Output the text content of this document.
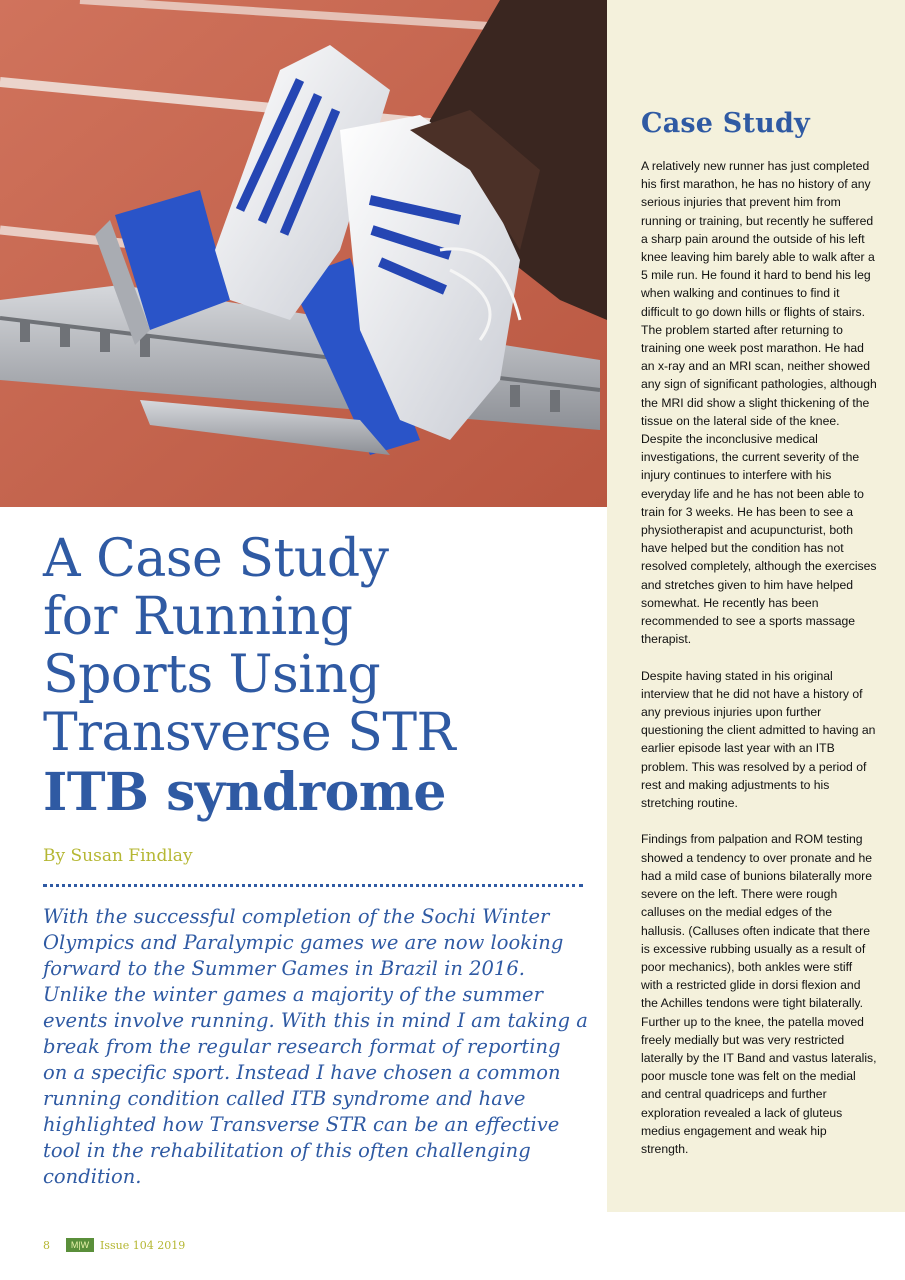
Case Study

A relatively new runner has just completed his first marathon, he has no history of any serious injuries that prevent him from running or training, but recently he suffered a sharp pain around the outside of his left knee leaving him barely able to walk after a 5 mile run. He found it hard to bend his leg when walking and continues to find it difficult to go down hills or flights of stairs. The problem started after returning to training one week post marathon. He had an x-ray and an MRI scan, neither showed any sign of significant pathologies, although the MRI did show a slight thickening of the tissue on the lateral side of the knee. Despite the inconclusive medical investigations, the current severity of the injury continues to interfere with his everyday life and he has not been able to train for 3 weeks. He has been to see a physiotherapist and acupuncturist, both have helped but the condition has not resolved completely, although the exercises and stretches given to him have helped somewhat. He recently has been recommended to see a sports massage therapist.

Despite having stated in his original interview that he did not have a history of any previous injuries upon further questioning the client admitted to having an earlier episode last year with an ITB problem. This was resolved by a period of rest and making adjustments to his stretching routine.

Findings from palpation and ROM testing showed a tendency to over pronate and he had a mild case of bunions bilaterally more severe on the left. There were rough calluses on the medial edges of the hallusis. (Calluses often indicate that there is excessive rubbing usually as a result of poor mechanics), both ankles were stiff with a restricted glide in dorsi flexion and the Achilles tendons were tight bilaterally. Further up to the knee, the patella moved freely medially but was very restricted laterally by the IT Band and vastus lateralis, poor muscle tone was felt on the medial and central quadriceps and further exploration revealed a lack of gluteus medius engagement and weak hip strength.

A Case Study
for Running
Sports Using
Transverse STR
ITB syndrome
By Susan Findlay

With the successful completion of the Sochi Winter Olympics and Paralympic games we are now looking forward to the Summer Games in Brazil in 2016. Unlike the winter games a majority of the summer events involve running. With this in mind I am taking a break from the regular research format of reporting on a specific sport. Instead I have chosen a common running condition called ITB syndrome and have highlighted how Transverse STR can be an effective tool in the rehabilitation of this often challenging condition.

8	M|W Issue 104 2019
